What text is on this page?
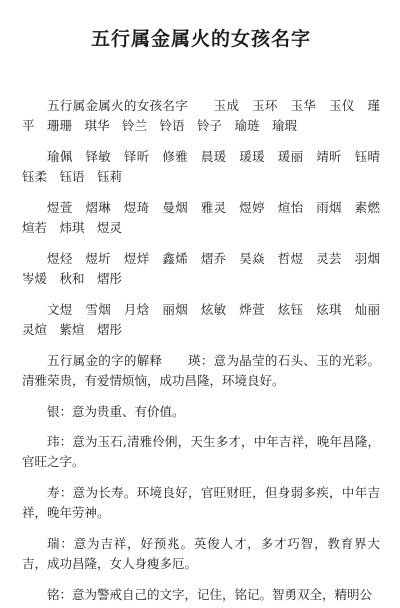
五行属金属火的女孩名字

五行属金属火的女孩名字　　玉成　玉环　玉华　玉仪　瑾平　珊珊　琪华　铃兰　铃语　铃子　瑜琏　瑜瑕

瑜佩　铎敏　铎昕　修雅　晨瑗　瑗瑗　瑗丽　靖昕　钰晴　钰柔　钰语　钰莉

煜萱　熠琳　煜琦　曼烟　雅灵　煜婷　煊怡　雨烟　素燃　煊若　炜琪　煜灵

煜烃　煜圻　煜烊　鑫烯　熠乔　昊焱　哲煜　灵芸　羽烟　岑煖　秋和　熠彤

文煜　雪烟　月焓　丽烟　炫敏　烨萱　炫钰　炫琪　灿丽　灵煊　紫煊　熠彤

五行属金的字的解释　　瑛：意为晶莹的石头、玉的光彩。清雅荣贵，有爱情烦恼，成功昌隆，环境良好。

银：意为贵重、有价值。

玮：意为玉石,清雅伶俐，天生多才，中年吉祥，晚年昌隆，官旺之字。

寿：意为长寿。环境良好，官旺财旺，但身弱多疾，中年吉祥，晚年劳神。

瑞：意为吉祥，好预兆。英俊人才，多才巧智，教育界大吉，成功昌隆，女人身瘦多厄。

铭：意为警戒自己的文字，记住，铭记。智勇双全，精明公
